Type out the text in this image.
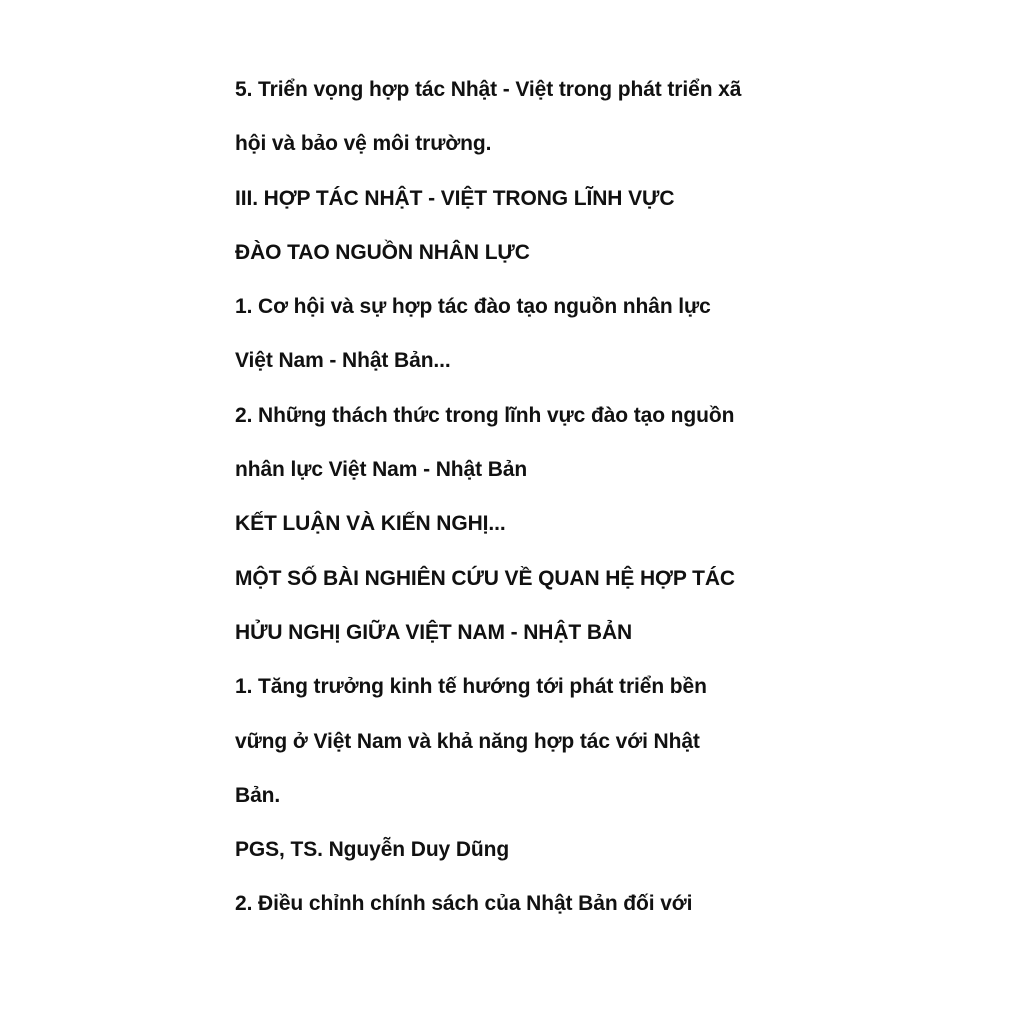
5. Triển vọng hợp tác Nhật - Việt trong phát triển xã
hội và bảo vệ môi trường.
III. HỢP TÁC NHẬT - VIỆT TRONG LĨNH VỰC
ĐÀO TAO NGUỒN NHÂN LỰC
1. Cơ hội và sự hợp tác đào tạo nguồn nhân lực
Việt Nam - Nhật Bản...
2. Những thách thức trong lĩnh vực đào tạo nguồn
nhân lực Việt Nam - Nhật Bản
KẾT LUẬN VÀ KIẾN NGHỊ...
MỘT SỐ BÀI NGHIÊN CỨU VỀ QUAN HỆ HỢP TÁC
HỬU NGHỊ GIỮA VIỆT NAM - NHẬT BẢN
1. Tăng trưởng kinh tế hướng tới phát triển bền
vững ở Việt Nam và khả năng hợp tác với Nhật
Bản.
PGS, TS. Nguyễn Duy Dũng
2. Điều chỉnh chính sách của Nhật Bản đối với
